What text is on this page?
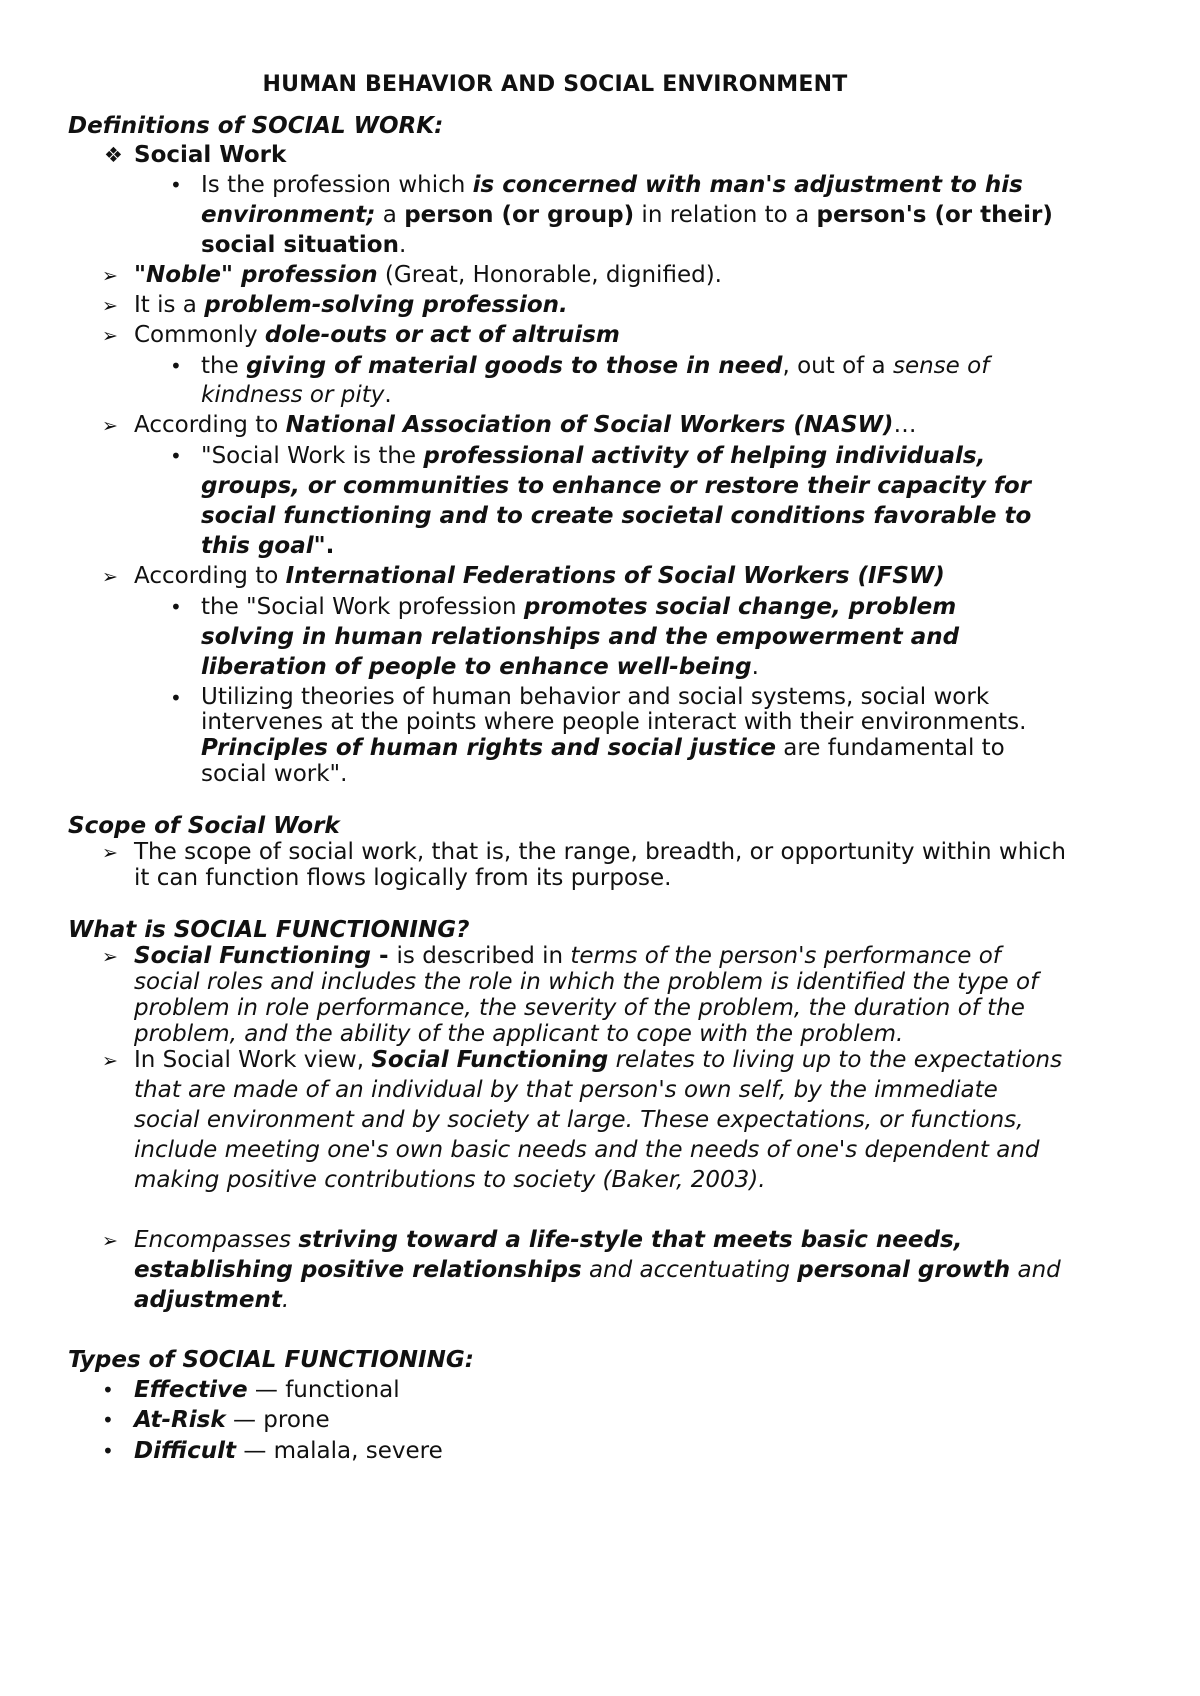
HUMAN BEHAVIOR AND SOCIAL ENVIRONMENT
Definitions of SOCIAL WORK:
❖ Social Work
• Is the profession which is concerned with man's adjustment to his
environment; a person (or group) in relation to a person's (or their)
social situation.
➢ "Noble" profession (Great, Honorable, dignified).
➢ It is a problem-solving profession.
➢ Commonly dole-outs or act of altruism
• the giving of material goods to those in need, out of a sense of
kindness or pity.
➢ According to National Association of Social Workers (NASW)…
• "Social Work is the professional activity of helping individuals,
groups, or communities to enhance or restore their capacity for
social functioning and to create societal conditions favorable to
this goal".
➢ According to International Federations of Social Workers (IFSW)
• the "Social Work profession promotes social change, problem
solving in human relationships and the empowerment and
liberation of people to enhance well-being.
• Utilizing theories of human behavior and social systems, social work
intervenes at the points where people interact with their environments.
Principles of human rights and social justice are fundamental to
social work".
Scope of Social Work
➢ The scope of social work, that is, the range, breadth, or opportunity within which
it can function flows logically from its purpose.
What is SOCIAL FUNCTIONING?
➢ Social Functioning - is described in terms of the person's performance of
social roles and includes the role in which the problem is identified the type of
problem in role performance, the severity of the problem, the duration of the
problem, and the ability of the applicant to cope with the problem.
➢ In Social Work view, Social Functioning relates to living up to the expectations
that are made of an individual by that person's own self, by the immediate
social environment and by society at large. These expectations, or functions,
include meeting one's own basic needs and the needs of one's dependent and
making positive contributions to society (Baker, 2003).
➢ Encompasses striving toward a life-style that meets basic needs,
establishing positive relationships and accentuating personal growth and
adjustment.
Types of SOCIAL FUNCTIONING:
• Effective — functional
• At-Risk — prone
• Difficult — malala, severe
